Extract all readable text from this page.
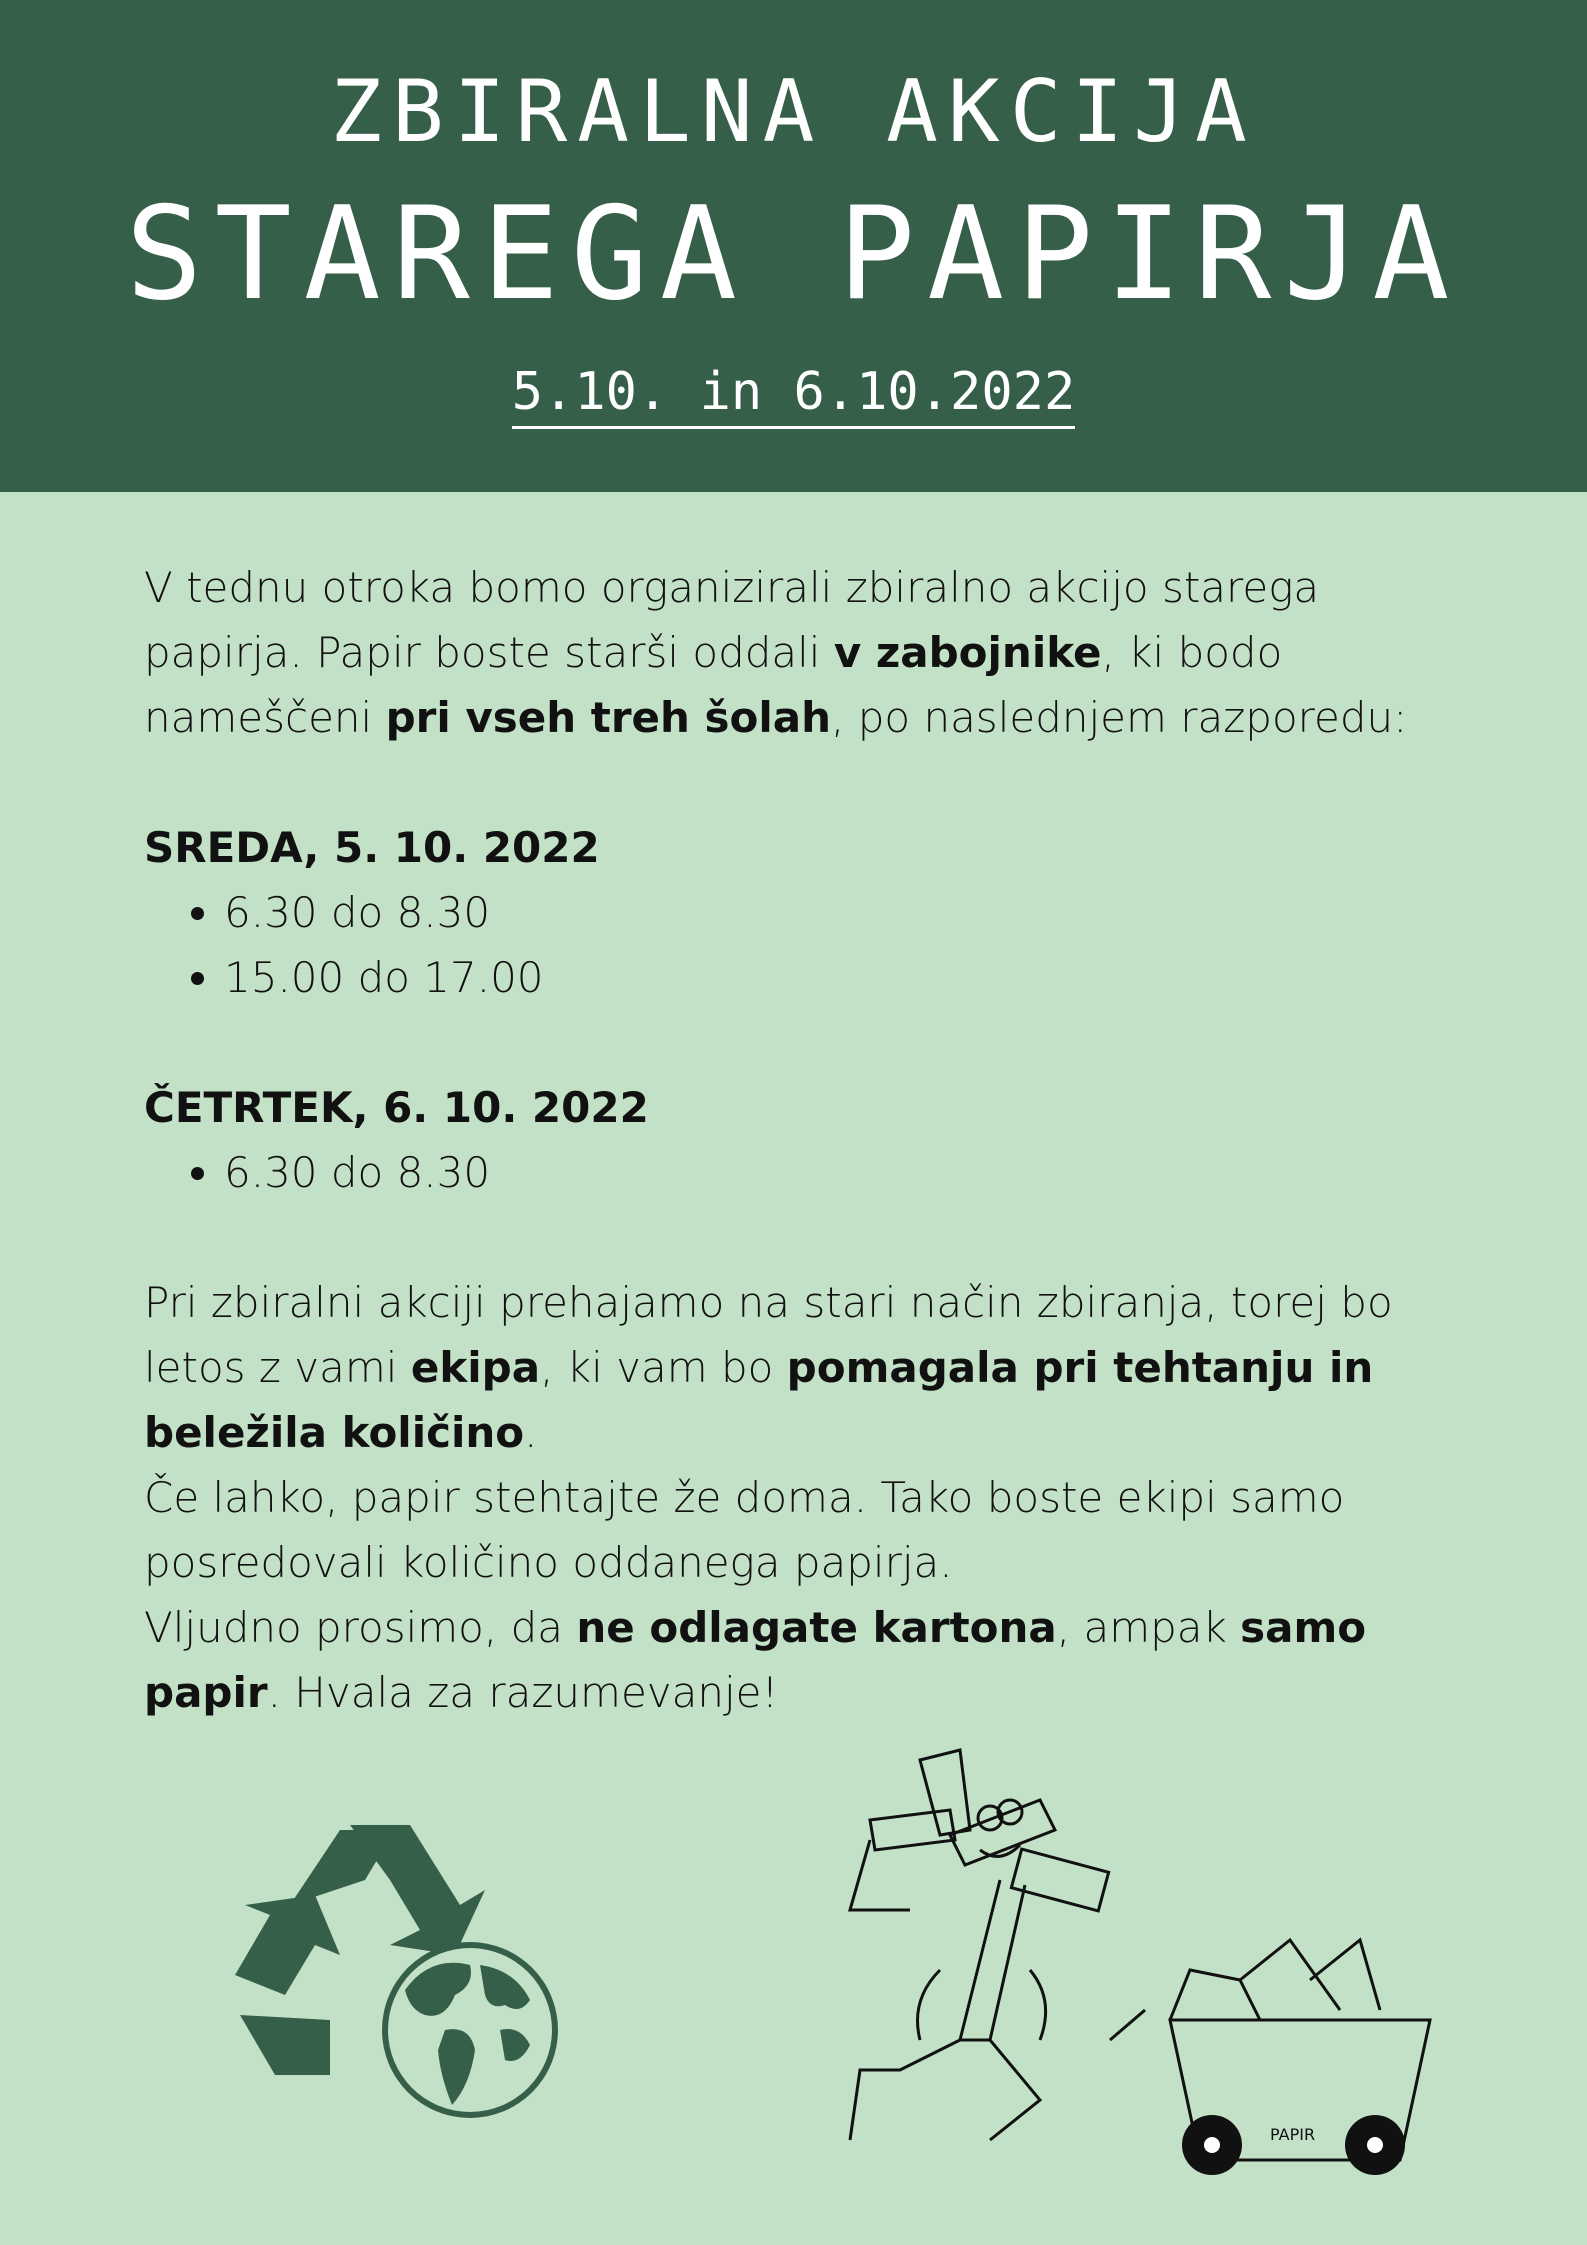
ZBIRALNA AKCIJA
STAREGA PAPIRJA
5.10. in 6.10.2022

V tednu otroka bomo organizirali zbiralno akcijo starega papirja. Papir boste starši oddali v zabojnike, ki bodo nameščeni pri vseh treh šolah, po naslednjem razporedu:

SREDA, 5. 10. 2022
• 6.30 do 8.30
• 15.00 do 17.00
ČETRTEK, 6. 10. 2022
• 6.30 do 8.30

Pri zbiralni akciji prehajamo na stari način zbiranja, torej bo letos z vami ekipa, ki vam bo pomagala pri tehtanju in beležila količino.

Če lahko, papir stehtajte že doma. Tako boste ekipi samo posredovali količino oddanega papirja.

Vljudno prosimo, da ne odlagate kartona, ampak samo papir. Hvala za razumevanje!

PAPIR
